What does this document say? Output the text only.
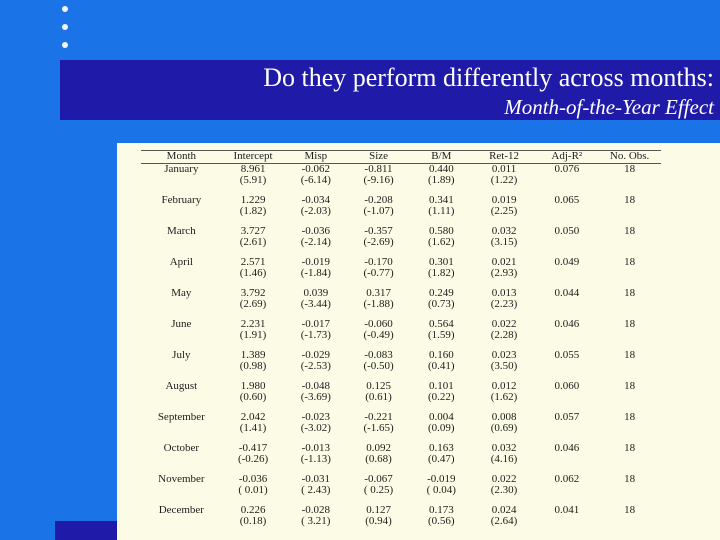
Do they perform differently across months:
Month-of-the-Year Effect
Month	Intercept	Misp	Size	B/M	Ret-12	Adj-R²	No. Obs.
January	8.961	-0.062	-0.811	0.440	0.011	0.076	18
	(5.91)	(-6.14)	(-9.16)	(1.89)	(1.22)		
February	1.229	-0.034	-0.208	0.341	0.019	0.065	18
	(1.82)	(-2.03)	(-1.07)	(1.11)	(2.25)		
March	3.727	-0.036	-0.357	0.580	0.032	0.050	18
	(2.61)	(-2.14)	(-2.69)	(1.62)	(3.15)		
April	2.571	-0.019	-0.170	0.301	0.021	0.049	18
	(1.46)	(-1.84)	(-0.77)	(1.82)	(2.93)		
May	3.792	0.039	0.317	0.249	0.013	0.044	18
	(2.69)	(-3.44)	(-1.88)	(0.73)	(2.23)		
June	2.231	-0.017	-0.060	0.564	0.022	0.046	18
	(1.91)	(-1.73)	(-0.49)	(1.59)	(2.28)		
July	1.389	-0.029	-0.083	0.160	0.023	0.055	18
	(0.98)	(-2.53)	(-0.50)	(0.41)	(3.50)		
August	1.980	-0.048	0.125	0.101	0.012	0.060	18
	(0.60)	(-3.69)	(0.61)	(0.22)	(1.62)		
September	2.042	-0.023	-0.221	0.004	0.008	0.057	18
	(1.41)	(-3.02)	(-1.65)	(0.09)	(0.69)		
October	-0.417	-0.013	0.092	0.163	0.032	0.046	18
	(-0.26)	(-1.13)	(0.68)	(0.47)	(4.16)		
November	-0.036	-0.031	-0.067	-0.019	0.022	0.062	18
	( 0.01)	( 2.43)	( 0.25)	( 0.04)	(2.30)		
December	0.226	-0.028	0.127	0.173	0.024	0.041	18
	(0.18)	( 3.21)	(0.94)	(0.56)	(2.64)		
